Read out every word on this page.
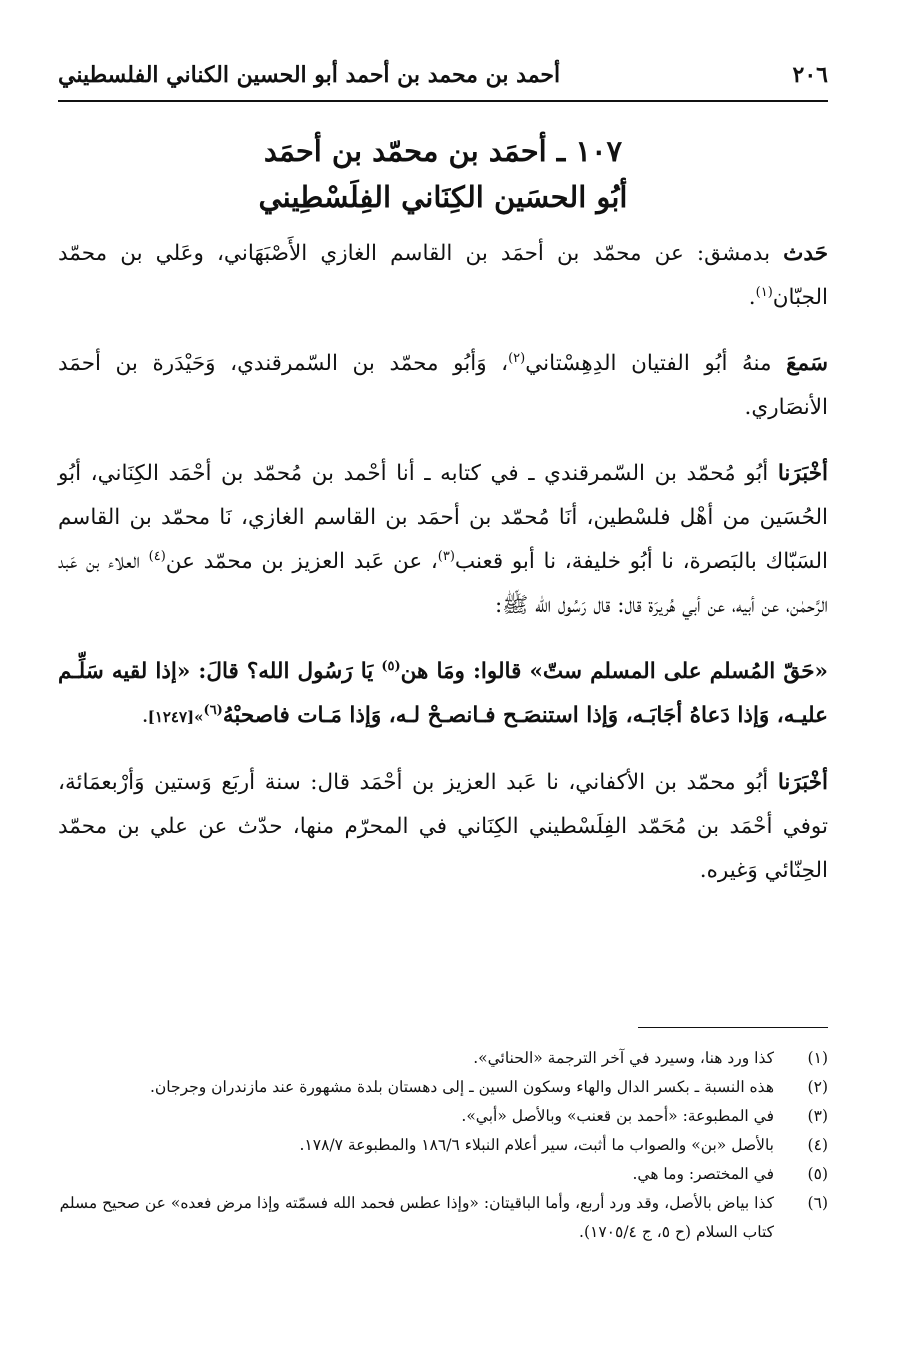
٢٠٦
أحمد بن محمد بن أحمد أبو الحسين الكناني الفلسطيني
١٠٧ ـ أحمَد بن محمّد بن أحمَد
أبُو الحسَين الكِنَاني الفِلَسْطِيني

حَدث بدمشق: عن محمّد بن أحمَد بن القاسم الغازي الأَصْبَهَاني، وعَلي بن محمّد الجبّان$^{(١)}$.

سَمعَ منهُ أبُو الفتيان الدِهِسْتاني$^{(٢)}$، وَأبُو محمّد بن السّمرقندي، وَحَيْدَرة بن أحمَد الأنصَاري.

أخْبَرَنا أبُو مُحمّد بن السّمرقندي ـ في كتابه ـ أنا أحْمد بن مُحمّد بن أحْمَد الكِنَاني، أبُو الحُسَين من أهْل فلسْطين، أنَا مُحمّد بن أحمَد بن القاسم الغازي، نَا محمّد بن القاسم السَبّاك بالبَصرة، نا أبُو خليفة، نا أبو قعنب$^{(٣)}$، عن عَبد العزيز بن محمّد عن$^{(٤)}$ العلاء بن عَبد الرَّحمٰن، عن أبيه، عن أبي هُريرَة قال: قال رَسُول الله ﷺ:

«حَقّ المُسلم على المسلم ستّ» قالوا: ومَا هن$^{(٥)}$ يَا رَسُول الله؟ قالَ: «إذا لقيه سَلِّـم عليـه، وَإذا دَعاهُ أجَابَـه، وَإذا استنصَـح فـانصـحْ لـه، وَإذا مَـات فاصحبْهُ$^{(٦)}$»[١٢٤٧].

أخْبَرَنا أبُو محمّد بن الأكفاني، نا عَبد العزيز بن أحْمَد قال: سنة أربَع وَستين وَأرْبعمَائة، توفي أحْمَد بن مُحَمّد الفِلَسْطيني الكِنَاني في المحرّم منها، حدّث عن علي بن محمّد الحِنّائي وَغيره.

(١)
كذا ورد هنا، وسيرد في آخر الترجمة «الحنائي».
(٢)
هذه النسبة ـ بكسر الدال والهاء وسكون السين ـ إلى دهستان بلدة مشهورة عند مازندران وجرجان.
(٣)
في المطبوعة: «أحمد بن قعنب» وبالأصل «أبي».
(٤)
بالأصل «بن» والصواب ما أثبت، سير أعلام النبلاء ١٨٦/٦ والمطبوعة ١٧٨/٧.
(٥)
في المختصر: وما هي.
(٦)
كذا بياض بالأصل، وقد ورد أربع، وأما الباقيتان: «وإذا عطس فحمد الله فسمّته وإذا مرض فعده» عن صحيح مسلم كتاب السلام (ح ٥، ج ١٧٠٥/٤).
